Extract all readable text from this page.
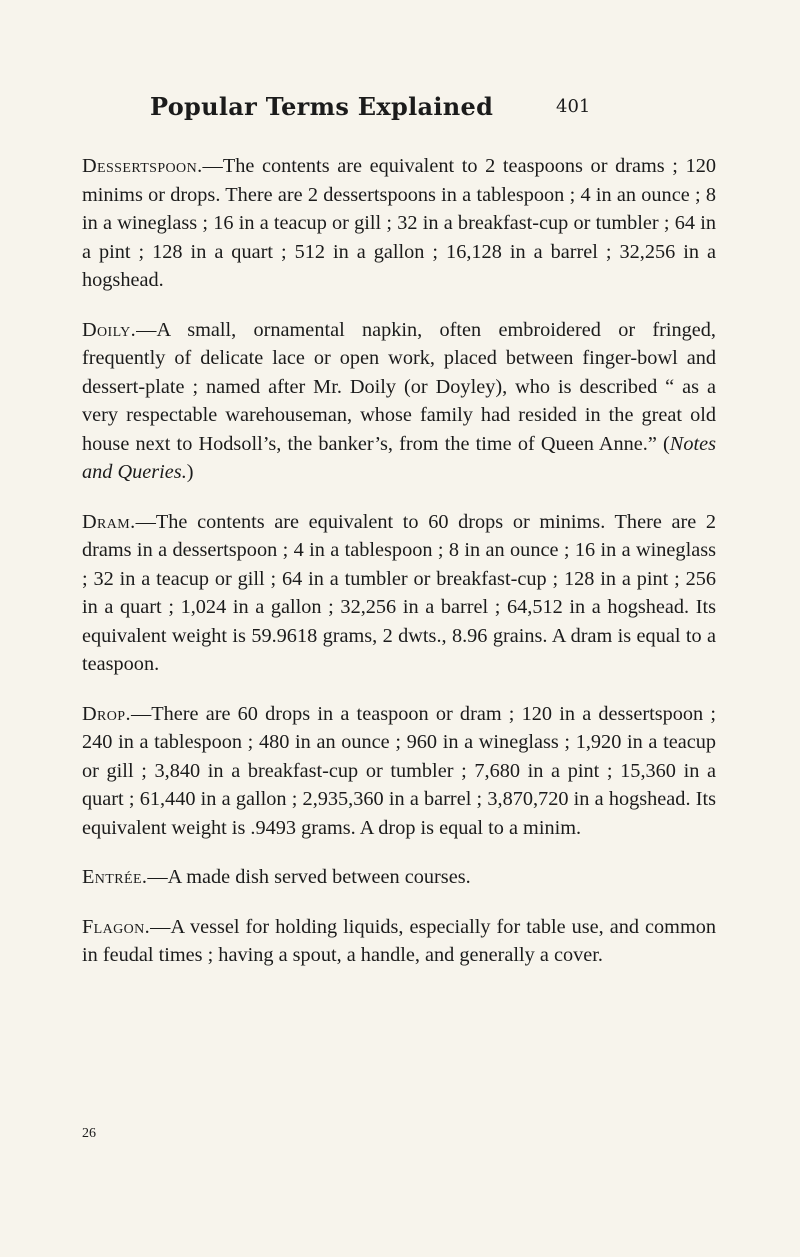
Popular Terms Explained	401

Dessertspoon.—The contents are equivalent to 2 teaspoons or drams ; 120 minims or drops. There are 2 dessertspoons in a tablespoon ; 4 in an ounce ; 8 in a wineglass ; 16 in a teacup or gill ; 32 in a breakfast-cup or tumbler ; 64 in a pint ; 128 in a quart ; 512 in a gallon ; 16,128 in a barrel ; 32,256 in a hogshead.

Doily.—A small, ornamental napkin, often embroidered or fringed, frequently of delicate lace or open work, placed between finger-bowl and dessert-plate ; named after Mr. Doily (or Doyley), who is described “ as a very respectable warehouseman, whose family had resided in the great old house next to Hodsoll’s, the banker’s, from the time of Queen Anne.” (Notes and Queries.)

Dram.—The contents are equivalent to 60 drops or minims. There are 2 drams in a dessertspoon ; 4 in a tablespoon ; 8 in an ounce ; 16 in a wineglass ; 32 in a teacup or gill ; 64 in a tumbler or breakfast-cup ; 128 in a pint ; 256 in a quart ; 1,024 in a gallon ; 32,256 in a barrel ; 64,512 in a hogshead. Its equivalent weight is 59.9618 grams, 2 dwts., 8.96 grains. A dram is equal to a teaspoon.

Drop.—There are 60 drops in a teaspoon or dram ; 120 in a dessertspoon ; 240 in a tablespoon ; 480 in an ounce ; 960 in a wineglass ; 1,920 in a teacup or gill ; 3,840 in a breakfast-cup or tumbler ; 7,680 in a pint ; 15,360 in a quart ; 61,440 in a gallon ; 2,935,360 in a barrel ; 3,870,720 in a hogshead. Its equivalent weight is .9493 grams. A drop is equal to a minim.

Entrée.—A made dish served between courses.

Flagon.—A vessel for holding liquids, especially for table use, and common in feudal times ; having a spout, a handle, and generally a cover.

26
